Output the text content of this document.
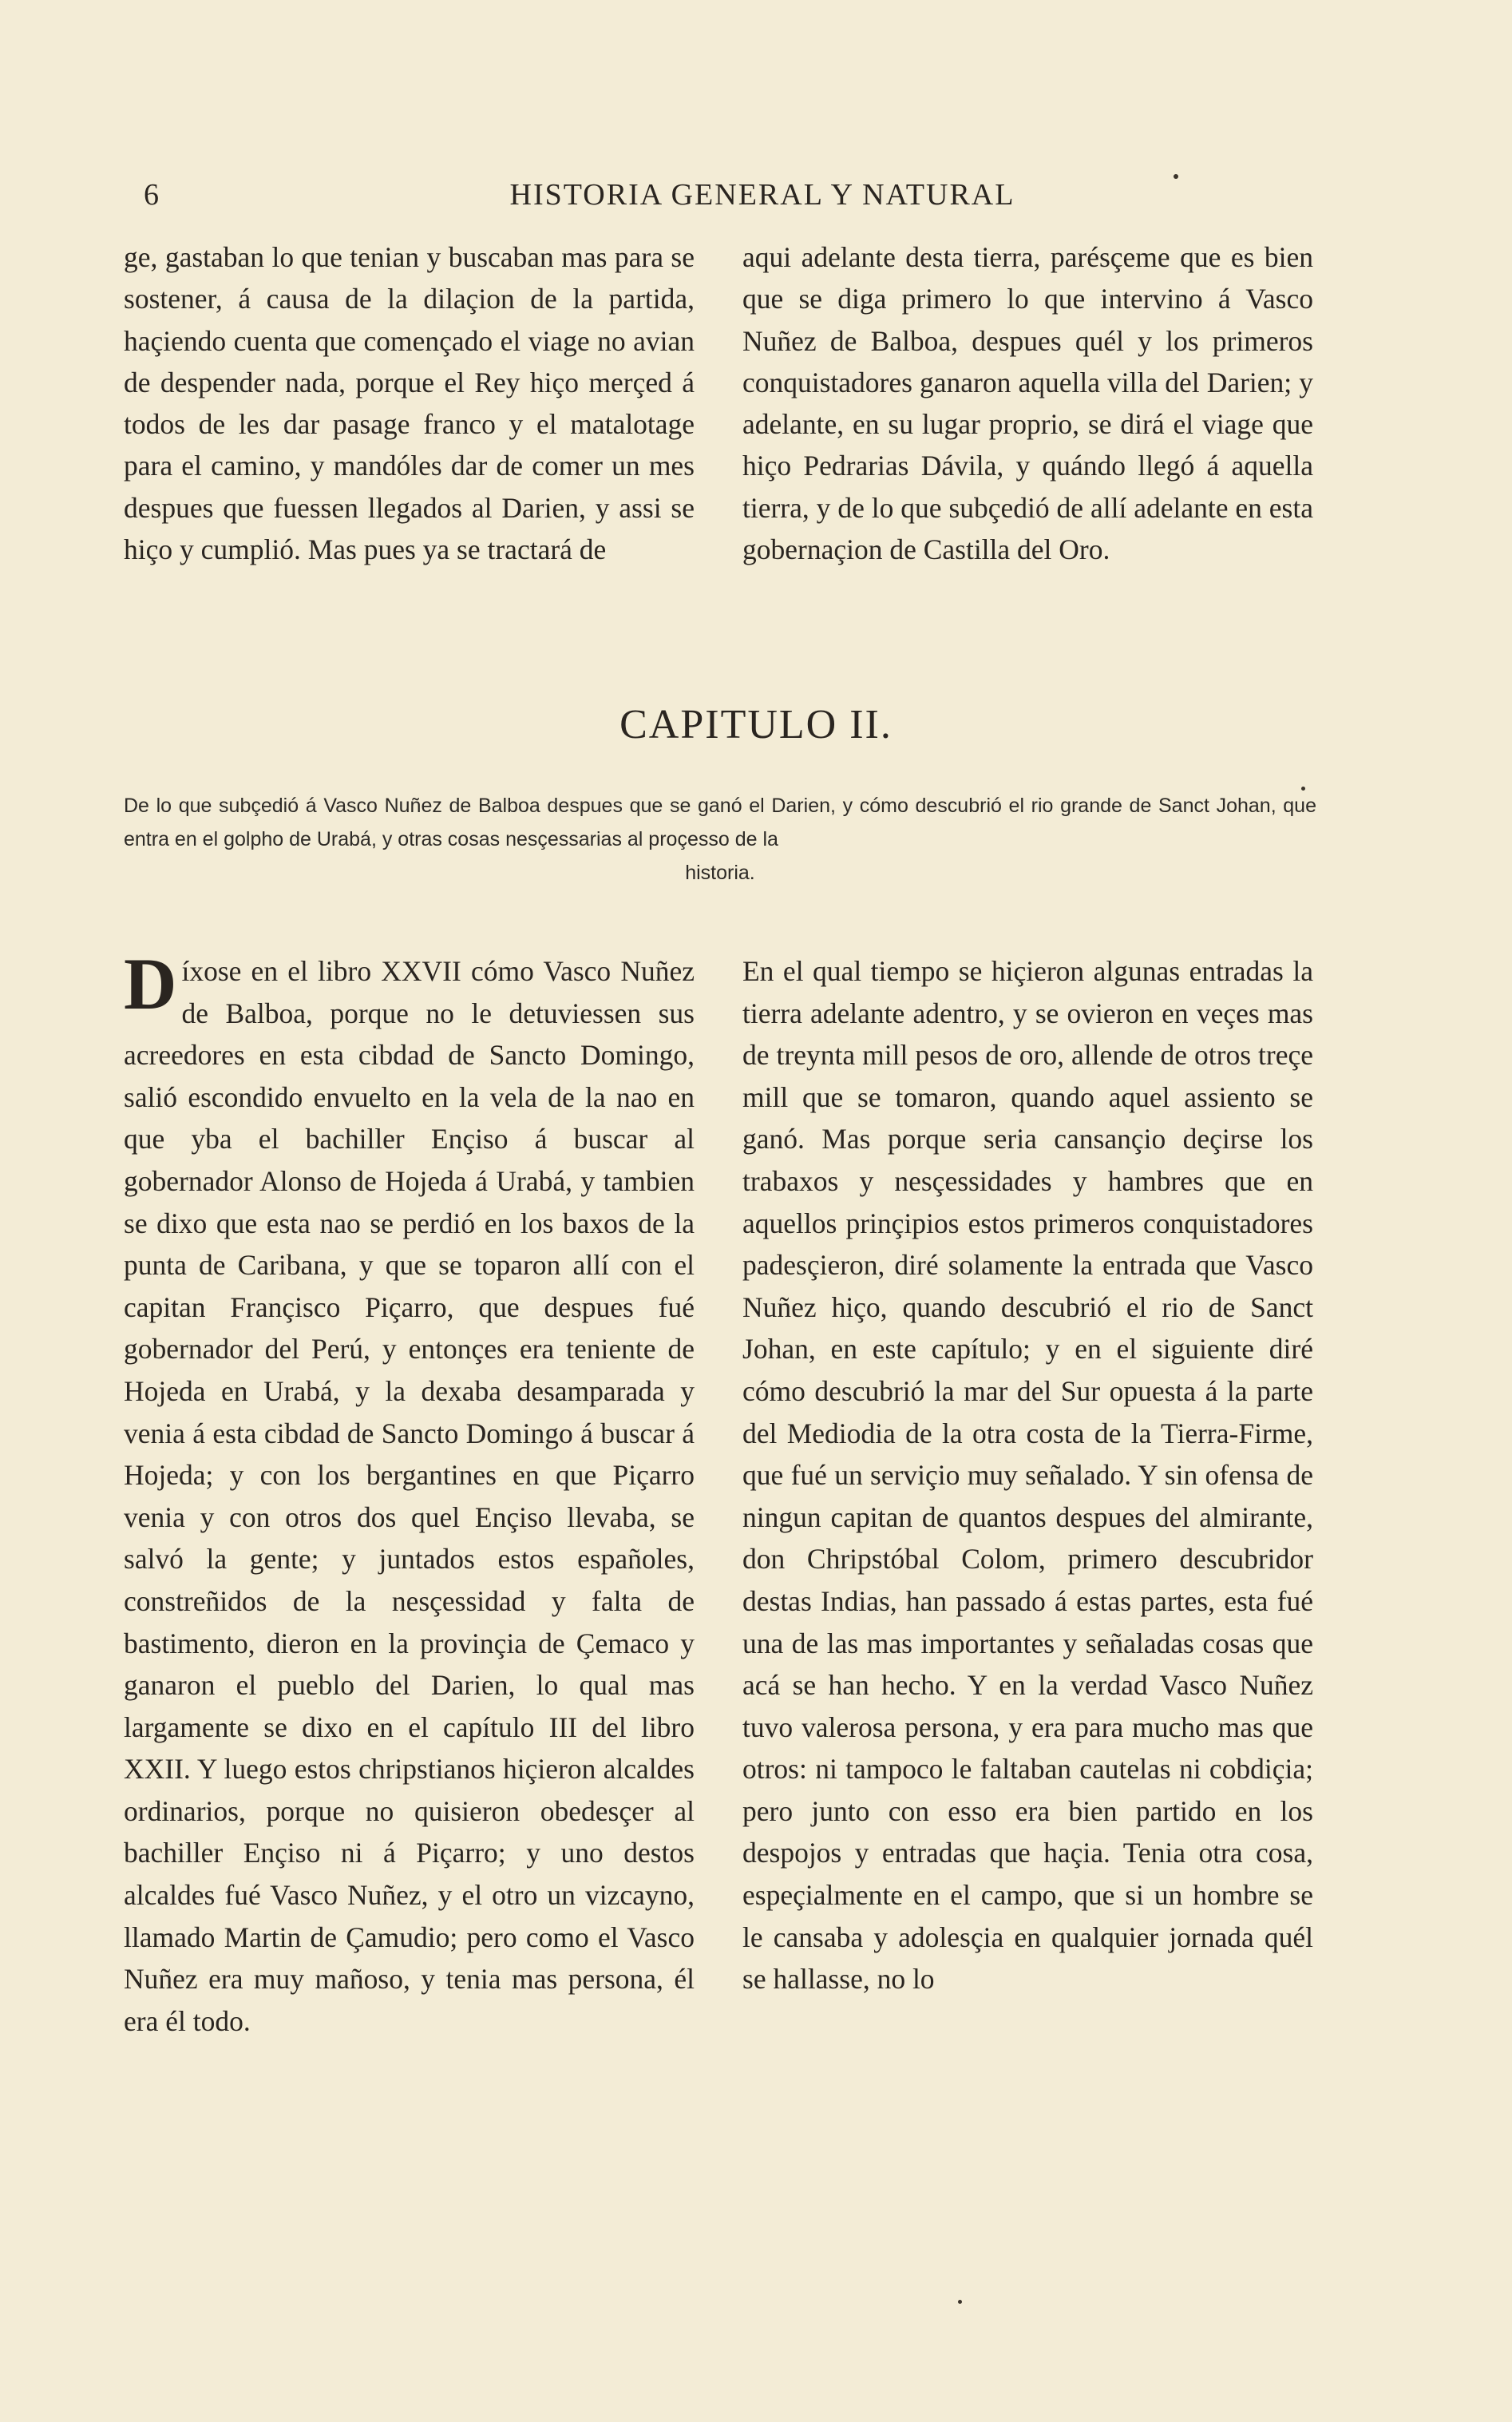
6	HISTORIA GENERAL Y NATURAL

ge, gastaban lo que tenian y buscaban mas para se sostener, á causa de la dilaçion de la partida, haçiendo cuenta que començado el viage no avian de despender nada, porque el Rey hiço merçed á todos de les dar pasage franco y el matalotage para el camino, y mandóles dar de comer un mes despues que fuessen llegados al Darien, y assi se hiço y cumplió. Mas pues ya se tractará de

aqui adelante desta tierra, parésçeme que es bien que se diga primero lo que intervino á Vasco Nuñez de Balboa, despues quél y los primeros conquistadores ganaron aquella villa del Darien; y adelante, en su lugar proprio, se dirá el viage que hiço Pedrarias Dávila, y quándo llegó á aquella tierra, y de lo que subçedió de allí adelante en esta gobernaçion de Castilla del Oro.

CAPITULO II.
De lo que subçedió á Vasco Nuñez de Balboa despues que se ganó el Darien, y cómo descubrió el rio grande de Sanct Johan, que entra en el golpho de Urabá, y otras cosas nesçessarias al proçesso de la
historia.
D íxose en el libro XXVII cómo Vasco Nuñez de Balboa, porque no le detuviessen sus acreedores en esta cibdad de Sancto Domingo, salió escondido envuelto en la vela de la nao en que yba el bachiller Ençiso á buscar al gobernador Alonso de Hojeda á Urabá, y tambien se dixo que esta nao se perdió en los baxos de la punta de Caribana, y que se toparon allí con el capitan Françisco Piçarro, que despues fué gobernador del Perú, y entonçes era teniente de Hojeda en Urabá, y la dexaba desamparada y venia á esta cibdad de Sancto Domingo á buscar á Hojeda; y con los bergantines en que Piçarro venia y con otros dos quel Ençiso llevaba, se salvó la gente; y juntados estos españoles, constreñidos de la nesçessidad y falta de bastimento, dieron en la provinçia de Çemaco y ganaron el pueblo del Darien, lo qual mas largamente se dixo en el capítulo III del libro XXII. Y luego estos chripstianos hiçieron alcaldes ordinarios, porque no quisieron obedesçer al bachiller Ençiso ni á Piçarro; y uno destos alcaldes fué Vasco Nuñez, y el otro un vizcayno, llamado Martin de Çamudio; pero como el Vasco Nuñez era muy mañoso, y tenia mas persona, él era él todo.

En el qual tiempo se hiçieron algunas entradas la tierra adelante adentro, y se ovieron en veçes mas de treynta mill pesos de oro, allende de otros treçe mill que se tomaron, quando aquel assiento se ganó. Mas porque seria cansançio deçirse los trabaxos y nesçessidades y hambres que en aquellos prinçipios estos primeros conquistadores padesçieron, diré solamente la entrada que Vasco Nuñez hiço, quando descubrió el rio de Sanct Johan, en este capítulo; y en el siguiente diré cómo descubrió la mar del Sur opuesta á la parte del Mediodia de la otra costa de la Tierra-Firme, que fué un serviçio muy señalado. Y sin ofensa de ningun capitan de quantos despues del almirante, don Chripstóbal Colom, primero descubridor destas Indias, han passado á estas partes, esta fué una de las mas importantes y señaladas cosas que acá se han hecho. Y en la verdad Vasco Nuñez tuvo valerosa persona, y era para mucho mas que otros: ni tampoco le faltaban cautelas ni cobdiçia; pero junto con esso era bien partido en los despojos y entradas que haçia. Tenia otra cosa, espeçialmente en el campo, que si un hombre se le cansaba y adolesçia en qualquier jornada quél se hallasse, no lo
